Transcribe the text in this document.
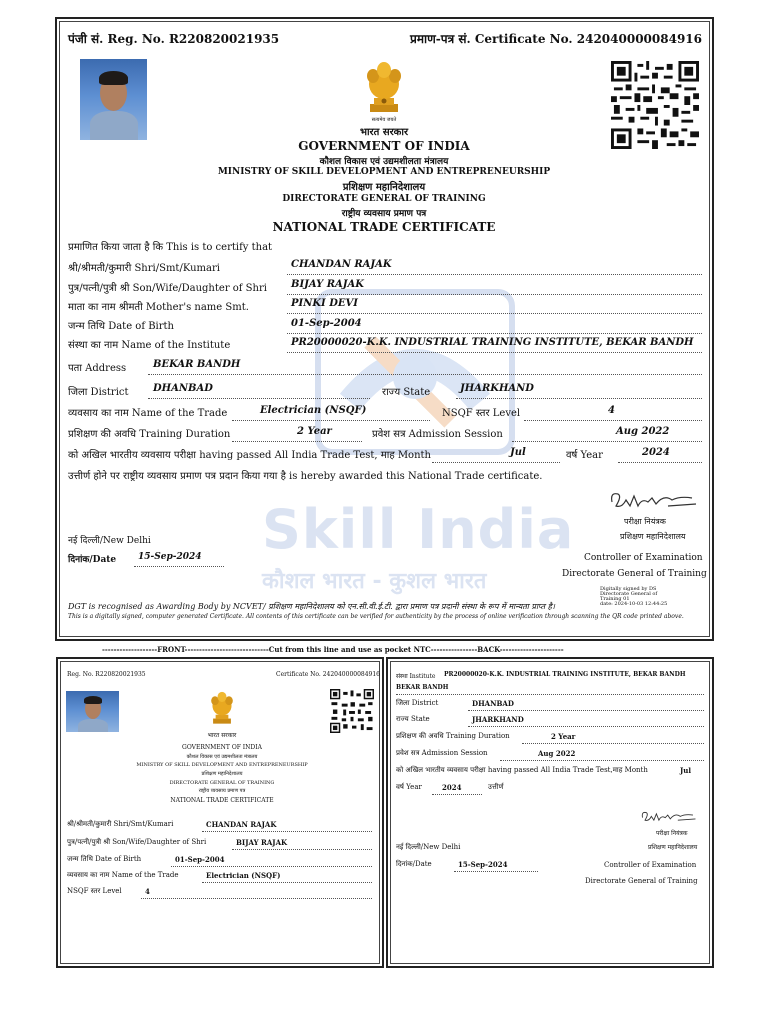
Skill India
कौशल भारत - कुशल भारत
पंजी सं. Reg. No. R220820021935	प्रमाण-पत्र सं. Certificate No. 242040000084916
सत्यमेव जयते
भारत सरकार
GOVERNMENT OF INDIA
कौशल विकास एवं उद्यमशीलता मंत्रालय
MINISTRY OF SKILL DEVELOPMENT AND ENTREPRENEURSHIP
प्रशिक्षण महानिदेशालय
DIRECTORATE GENERAL OF TRAINING
राष्ट्रीय व्यवसाय प्रमाण पत्र
NATIONAL TRADE CERTIFICATE
प्रमाणित किया जाता है कि This is to certify that
श्री/श्रीमती/कुमारी Shri/Smt/Kumari	CHANDAN RAJAK
पुत्र/पत्नी/पुत्री श्री Son/Wife/Daughter of Shri BIJAY RAJAK
माता का नाम श्रीमती Mother's name Smt.	PINKI DEVI
जन्म तिथि Date of Birth	01-Sep-2004
संस्था का नाम Name of the Institute	PR20000020-K.K. INDUSTRIAL TRAINING INSTITUTE, BEKAR BANDH
पता Address	BEKAR BANDH
जिला District DHANBAD	राज्य State	JHARKHAND
व्यवसाय का नाम Name of the Trade	Electrician (NSQF)	NSQF स्तर Level	4
प्रशिक्षण की अवधि Training Duration	2 Year	प्रवेश सत्र Admission Session	Aug 2022
को अखिल भारतीय व्यवसाय परीक्षा having passed All India Trade Test, माह Month	Jul	वर्ष Year	2024
उत्तीर्ण होने पर राष्ट्रीय व्यवसाय प्रमाण पत्र प्रदान किया गया है is hereby awarded this National Trade certificate.
परीक्षा नियंत्रक
प्रशिक्षण महानिदेशालय
नई दिल्ली/New Delhi
दिनांक/Date 15-Sep-2024	Controller of Examination
Directorate General of Training
Digitally signed by DS
Directorate General of
Training 01
date: 2024-10-03 12:44:25
DGT is recognised as Awarding Body by NCVET/ प्रशिक्षण महानिदेशालय को एन.सी.वी.ई.टी. द्वारा प्रमाण पत्र प्रदानी संस्था के रूप में मान्यता प्राप्त है।
This is a digitally signed, computer generated Certificate. All contents of this certificate can be verified for authenticity by the process of online verification through scanning the QR code printed above.
-------------------FRONT-----------------------------Cut from this line and use as pocket NTC----------------BACK----------------------
Reg. No. R220820021935	Certificate No. 242040000084916
भारत सरकार
GOVERNMENT OF INDIA
कौशल विकास एवं उद्यमशीलता मंत्रालय
MINISTRY OF SKILL DEVELOPMENT AND ENTREPRENEURSHIP
प्रशिक्षण महानिदेशालय
DIRECTORATE GENERAL OF TRAINING
राष्ट्रीय व्यवसाय प्रमाण पत्र
NATIONAL TRADE CERTIFICATE
श्री/श्रीमती/कुमारी Shri/Smt/Kumari	CHANDAN RAJAK
पुत्र/पत्नी/पुत्री श्री Son/Wife/Daughter of Shri	BIJAY RAJAK
जन्म तिथि Date of Birth	01-Sep-2004
व्यवसाय का नाम Name of the Trade	Electrician (NSQF)
NSQF स्तर Level	4
संस्था Institute PR20000020-K.K. INDUSTRIAL TRAINING INSTITUTE, BEKAR BANDH
BEKAR BANDH
जिला District	DHANBAD
राज्य State	JHARKHAND
प्रशिक्षण की अवधि Training Duration	2 Year
प्रवेश सत्र Admission Session	Aug 2022
को अखिल भारतीय व्यवसाय परीक्षा having passed All India Trade Test,माह Month	Jul
वर्ष Year	2024	उत्तीर्ण
परीक्षा नियंत्रक
प्रशिक्षण महानिदेशालय
नई दिल्ली/New Delhi
दिनांक/Date	15-Sep-2024	Controller of Examination
Directorate General of Training
